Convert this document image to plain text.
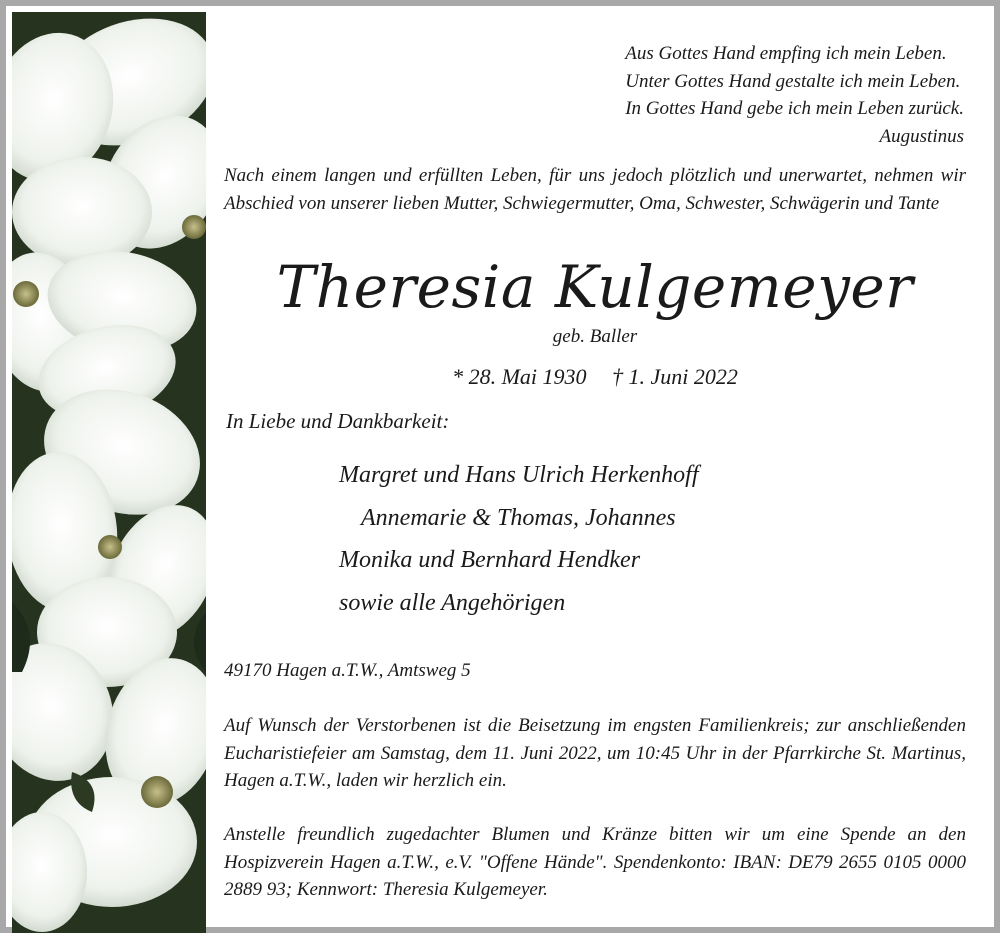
Aus Gottes Hand empfing ich mein Leben.
Unter Gottes Hand gestalte ich mein Leben.
In Gottes Hand gebe ich mein Leben zurück.
Augustinus
Nach einem langen und erfüllten Leben, für uns jedoch plötzlich und unerwartet, nehmen wir Abschied von unserer lieben Mutter, Schwiegermutter, Oma, Schwester, Schwägerin und Tante
Theresia Kulgemeyer
geb. Baller
* 28. Mai 1930 † 1. Juni 2022
In Liebe und Dankbarkeit:
Margret und Hans Ulrich Herkenhoff
Annemarie & Thomas, Johannes
Monika und Bernhard Hendker
sowie alle Angehörigen
49170 Hagen a.T.W., Amtsweg 5
Auf Wunsch der Verstorbenen ist die Beisetzung im engsten Familienkreis; zur anschließenden Eucharistiefeier am Samstag, dem 11. Juni 2022, um 10:45 Uhr in der Pfarrkirche St. Martinus, Hagen a.T.W., laden wir herzlich ein.
Anstelle freundlich zugedachter Blumen und Kränze bitten wir um eine Spende an den Hospizverein Hagen a.T.W., e.V. "Offene Hände". Spendenkonto: IBAN: DE79 2655 0105 0000 2889 93; Kennwort: Theresia Kulgemeyer.
